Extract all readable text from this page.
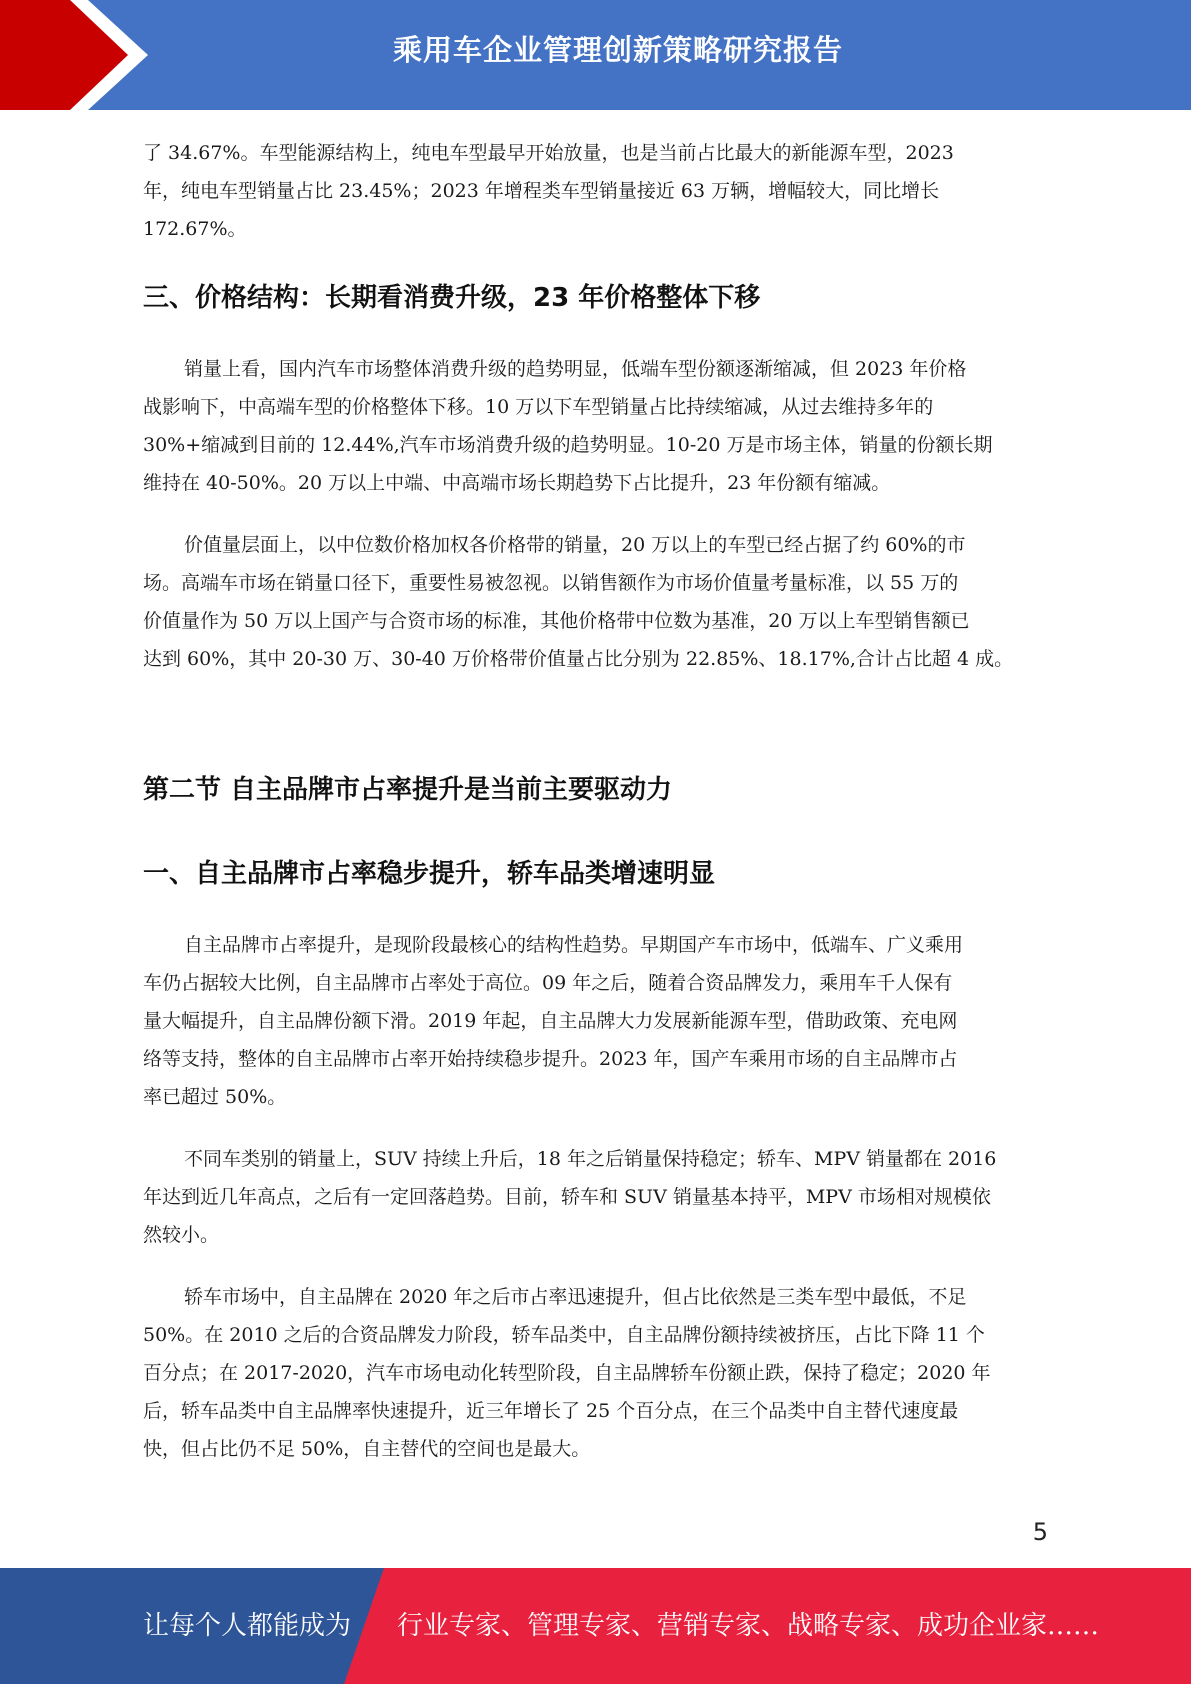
乘用车企业管理创新策略研究报告

了 34.67%。车型能源结构上，纯电车型最早开始放量，也是当前占比最大的新能源车型，2023

年，纯电车型销量占比 23.45%；2023 年增程类车型销量接近 63 万辆，增幅较大，同比增长

172.67%。

三、价格结构：长期看消费升级，23 年价格整体下移

销量上看，国内汽车市场整体消费升级的趋势明显，低端车型份额逐渐缩减，但 2023 年价格

战影响下，中高端车型的价格整体下移。10 万以下车型销量占比持续缩减，从过去维持多年的

30%+缩减到目前的 12.44%,汽车市场消费升级的趋势明显。10-20 万是市场主体，销量的份额长期

维持在 40-50%。20 万以上中端、中高端市场长期趋势下占比提升，23 年份额有缩减。

价值量层面上，以中位数价格加权各价格带的销量，20 万以上的车型已经占据了约 60%的市

场。高端车市场在销量口径下，重要性易被忽视。以销售额作为市场价值量考量标准，以 55 万的

价值量作为 50 万以上国产与合资市场的标准，其他价格带中位数为基准，20 万以上车型销售额已

达到 60%，其中 20-30 万、30-40 万价格带价值量占比分别为 22.85%、18.17%,合计占比超 4 成。

第二节 自主品牌市占率提升是当前主要驱动力
一、自主品牌市占率稳步提升，轿车品类增速明显

自主品牌市占率提升，是现阶段最核心的结构性趋势。早期国产车市场中，低端车、广义乘用

车仍占据较大比例，自主品牌市占率处于高位。09 年之后，随着合资品牌发力，乘用车千人保有

量大幅提升，自主品牌份额下滑。2019 年起，自主品牌大力发展新能源车型，借助政策、充电网

络等支持，整体的自主品牌市占率开始持续稳步提升。2023 年，国产车乘用市场的自主品牌市占

率已超过 50%。

不同车类别的销量上，SUV 持续上升后，18 年之后销量保持稳定；轿车、MPV 销量都在 2016

年达到近几年高点，之后有一定回落趋势。目前，轿车和 SUV 销量基本持平，MPV 市场相对规模依

然较小。

轿车市场中，自主品牌在 2020 年之后市占率迅速提升，但占比依然是三类车型中最低，不足

50%。在 2010 之后的合资品牌发力阶段，轿车品类中，自主品牌份额持续被挤压，占比下降 11 个

百分点；在 2017-2020，汽车市场电动化转型阶段，自主品牌轿车份额止跌，保持了稳定；2020 年

后，轿车品类中自主品牌率快速提升，近三年增长了 25 个百分点，在三个品类中自主替代速度最

快，但占比仍不足 50%，自主替代的空间也是最大。

5
让每个人都能成为 行业专家、管理专家、营销专家、战略专家、成功企业家……
